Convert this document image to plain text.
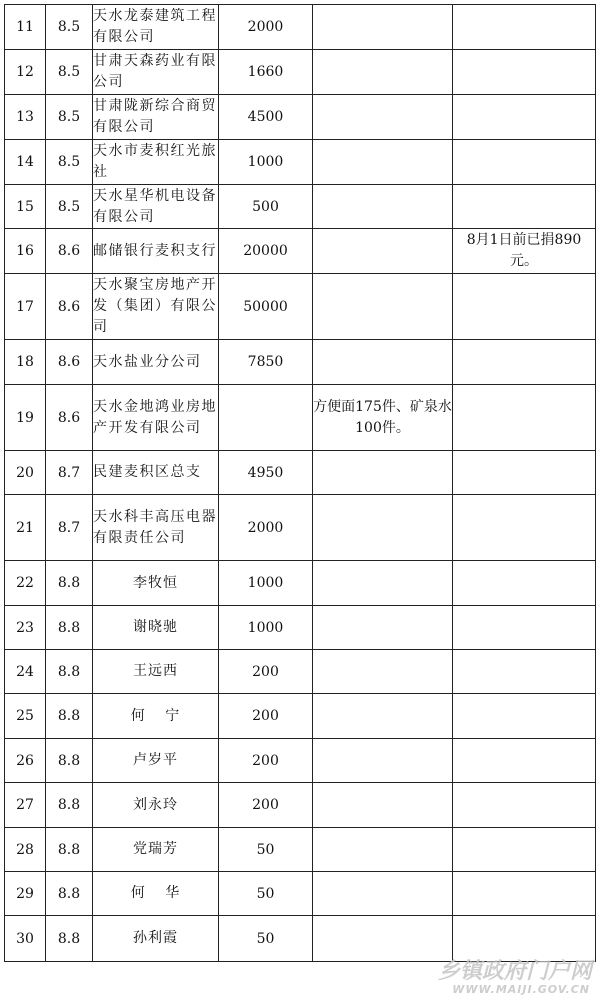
11	8.5	天水龙泰建筑工程有限公司	2000		
12	8.5	甘肃天森药业有限公司	1660		
13	8.5	甘肃陇新综合商贸有限公司	4500		
14	8.5	天水市麦积红光旅社	1000		
15	8.5	天水星华机电设备有限公司	500		
16	8.6	邮储银行麦积支行	20000		8月1日前已捐890元。
17	8.6	天水聚宝房地产开发（集团）有限公司	50000		
18	8.6	天水盐业分公司	7850		
19	8.6	天水金地鸿业房地产开发有限公司		方便面175件、矿泉水100件。	
20	8.7	民建麦积区总支	4950		
21	8.7	天水科丰高压电器有限责任公司	2000		
22	8.8	李牧恒	1000		
23	8.8	谢晓驰	1000		
24	8.8	王远西	200		
25	8.8	何 宁	200		
26	8.8	卢岁平	200		
27	8.8	刘永玲	200		
28	8.8	党瑞芳	50		
29	8.8	何 华	50		
30	8.8	孙利霞	50		
乡镇政府门户网
WWW.MAIJI.GOV.CN
